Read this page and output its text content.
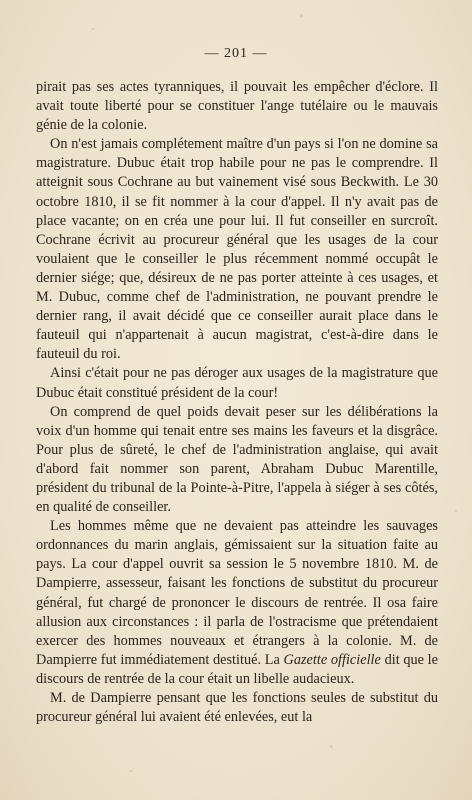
— 201 —

pirait pas ses actes tyranniques, il pouvait les empêcher d'éclore. Il avait toute liberté pour se constituer l'ange tutélaire ou le mauvais génie de la colonie.

On n'est jamais complétement maître d'un pays si l'on ne domine sa magistrature. Dubuc était trop habile pour ne pas le comprendre. Il atteignit sous Cochrane au but vainement visé sous Beckwith. Le 30 octobre 1810, il se fit nommer à la cour d'appel. Il n'y avait pas de place vacante; on en créa une pour lui. Il fut conseiller en surcroît. Cochrane écrivit au procureur général que les usages de la cour voulaient que le conseiller le plus récemment nommé occupât le dernier siége; que, désireux de ne pas porter atteinte à ces usages, et M. Dubuc, comme chef de l'administration, ne pouvant prendre le dernier rang, il avait décidé que ce conseiller aurait place dans le fauteuil qui n'appartenait à aucun magistrat, c'est-à-dire dans le fauteuil du roi.

Ainsi c'était pour ne pas déroger aux usages de la magistrature que Dubuc était constitué président de la cour!

On comprend de quel poids devait peser sur les délibérations la voix d'un homme qui tenait entre ses mains les faveurs et la disgrâce. Pour plus de sûreté, le chef de l'administration anglaise, qui avait d'abord fait nommer son parent, Abraham Dubuc Marentille, président du tribunal de la Pointe-à-Pitre, l'appela à siéger à ses côtés, en qualité de conseiller.

Les hommes même que ne devaient pas atteindre les sauvages ordonnances du marin anglais, gémissaient sur la situation faite au pays. La cour d'appel ouvrit sa session le 5 novembre 1810. M. de Dampierre, assesseur, faisant les fonctions de substitut du procureur général, fut chargé de prononcer le discours de rentrée. Il osa faire allusion aux circonstances : il parla de l'ostracisme que prétendaient exercer des hommes nouveaux et étrangers à la colonie. M. de Dampierre fut immédiatement destitué. La Gazette officielle dit que le discours de rentrée de la cour était un libelle audacieux.

M. de Dampierre pensant que les fonctions seules de substitut du procureur général lui avaient été enlevées, eut la
